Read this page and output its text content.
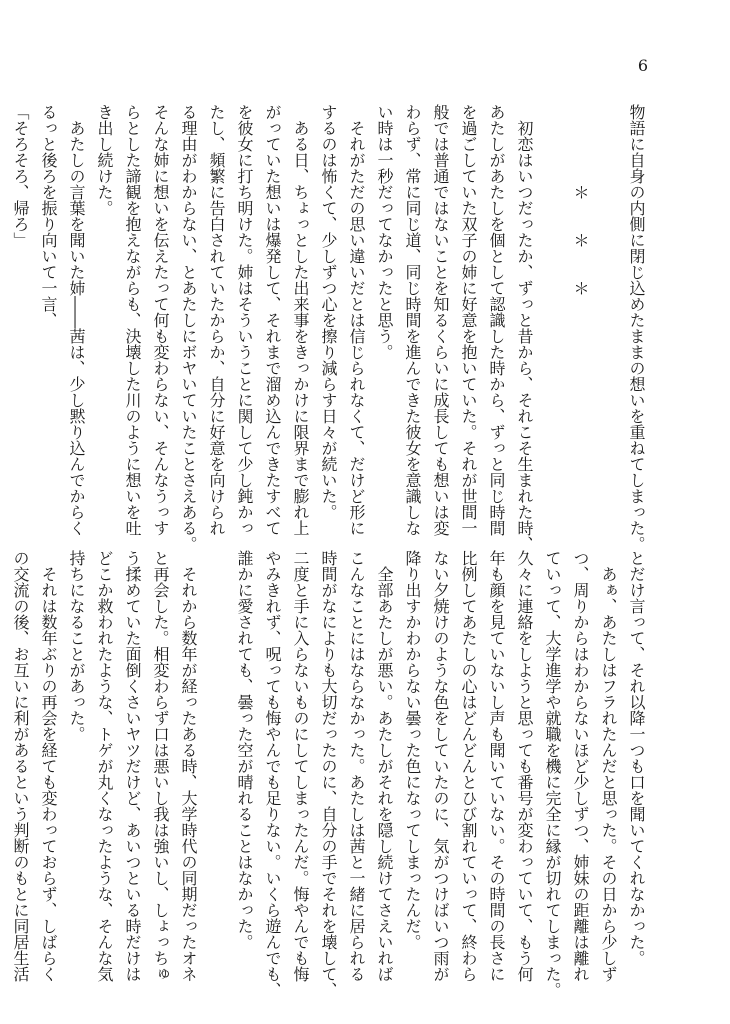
6
物語に自身の内側に閉じ込めたままの想いを重ねてしまった。
　　　　　＊　　＊　　＊
　初恋はいつだったか、ずっと昔から、それこそ生まれた時、
あたしがあたしを個として認識した時から、ずっと同じ時間
を過ごしていた双子の姉に好意を抱いていた。それが世間一
般では普通ではないことを知るくらいに成長しても想いは変
わらず、常に同じ道、同じ時間を進んできた彼女を意識しな
い時は一秒だってなかったと思う。
　それがただの思い違いだとは信じられなくて、だけど形に
するのは怖くて、少しずつ心を擦り減らす日々が続いた。
　ある日、ちょっとした出来事をきっかけに限界まで膨れ上
がっていた想いは爆発して、それまで溜め込んできたすべて
を彼女に打ち明けた。姉はそういうことに関して少し鈍かっ
たし、頻繁に告白されていたからか、自分に好意を向けられ
る理由がわからない、とあたしにボヤいていたことさえある。
そんな姉に想いを伝えたって何も変わらない、そんなうっす
らとした諦観を抱えながらも、決壊した川のように想いを吐
き出し続けた。
　あたしの言葉を聞いた姉――茜は、少し黙り込んでからく
るっと後ろを振り向いて一言、
「そろそろ、帰ろ」
とだけ言って、それ以降一つも口を聞いてくれなかった。
　あぁ、あたしはフラれたんだと思った。その日から少しず
つ、周りからはわからないほど少しずつ、姉妹の距離は離れ
ていって、大学進学や就職を機に完全に縁が切れてしまった。
久々に連絡をしようと思っても番号が変わっていて、もう何
年も顔を見ていないし声も聞いていない。その時間の長さに
比例してあたしの心はどんどんとひび割れていって、終わら
ない夕焼けのような色をしていたのに、気がつけばいつ雨が
降り出すかわからない曇った色になってしまったんだ。
　全部あたしが悪い。あたしがそれを隠し続けてさえいれば
こんなことにはならなかった。あたしは茜と一緒に居られる
時間がなによりも大切だったのに、自分の手でそれを壊して、
二度と手に入らないものにしてしまったんだ。悔やんでも悔
やみきれず、呪っても悔やんでも足りない。いくら遊んでも、
誰かに愛されても、曇った空が晴れることはなかった。
　それから数年が経ったある時、大学時代の同期だったオネ
と再会した。相変わらず口は悪いし我は強いし、しょっちゅ
う揉めていた面倒くさいヤツだけど、あいつといる時だけは
どこか救われたような、トゲが丸くなったような、そんな気
持ちになることがあった。
　それは数年ぶりの再会を経ても変わっておらず、しばらく
の交流の後、お互いに利があるという判断のもとに同居生活
